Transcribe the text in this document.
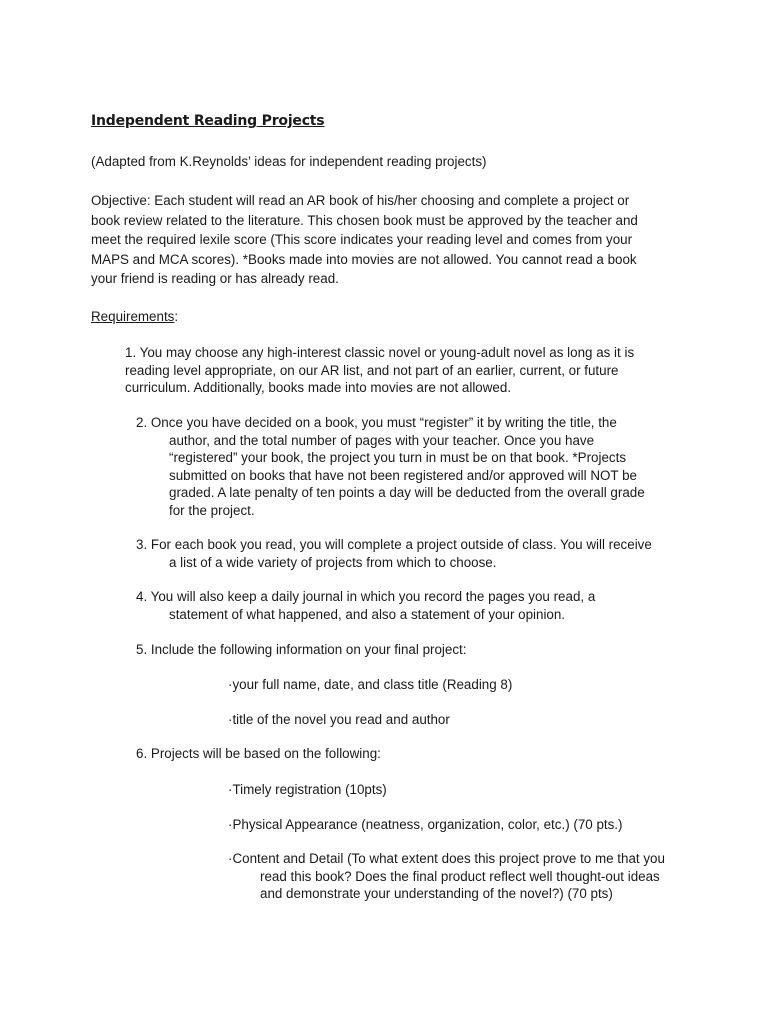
Independent Reading Projects
(Adapted from K.Reynolds’ ideas for independent reading projects)
Objective: Each student will read an AR book of his/her choosing and complete a project or
book review related to the literature. This chosen book must be approved by the teacher and
meet the required lexile score (This score indicates your reading level and comes from your
MAPS and MCA scores). *Books made into movies are not allowed. You cannot read a book
your friend is reading or has already read.
Requirements:
1. You may choose any high-interest classic novel or young-adult novel as long as it is
reading level appropriate, on our AR list, and not part of an earlier, current, or future
curriculum. Additionally, books made into movies are not allowed.
2. Once you have decided on a book, you must “register” it by writing the title, the
author, and the total number of pages with your teacher. Once you have
“registered” your book, the project you turn in must be on that book. *Projects
submitted on books that have not been registered and/or approved will NOT be
graded. A late penalty of ten points a day will be deducted from the overall grade
for the project.
3. For each book you read, you will complete a project outside of class. You will receive
a list of a wide variety of projects from which to choose.
4. You will also keep a daily journal in which you record the pages you read, a
statement of what happened, and also a statement of your opinion.
5. Include the following information on your final project:
·your full name, date, and class title (Reading 8)
·title of the novel you read and author
6. Projects will be based on the following:
·Timely registration (10pts)
·Physical Appearance (neatness, organization, color, etc.) (70 pts.)
·Content and Detail (To what extent does this project prove to me that you
read this book? Does the final product reflect well thought-out ideas
and demonstrate your understanding of the novel?) (70 pts)
